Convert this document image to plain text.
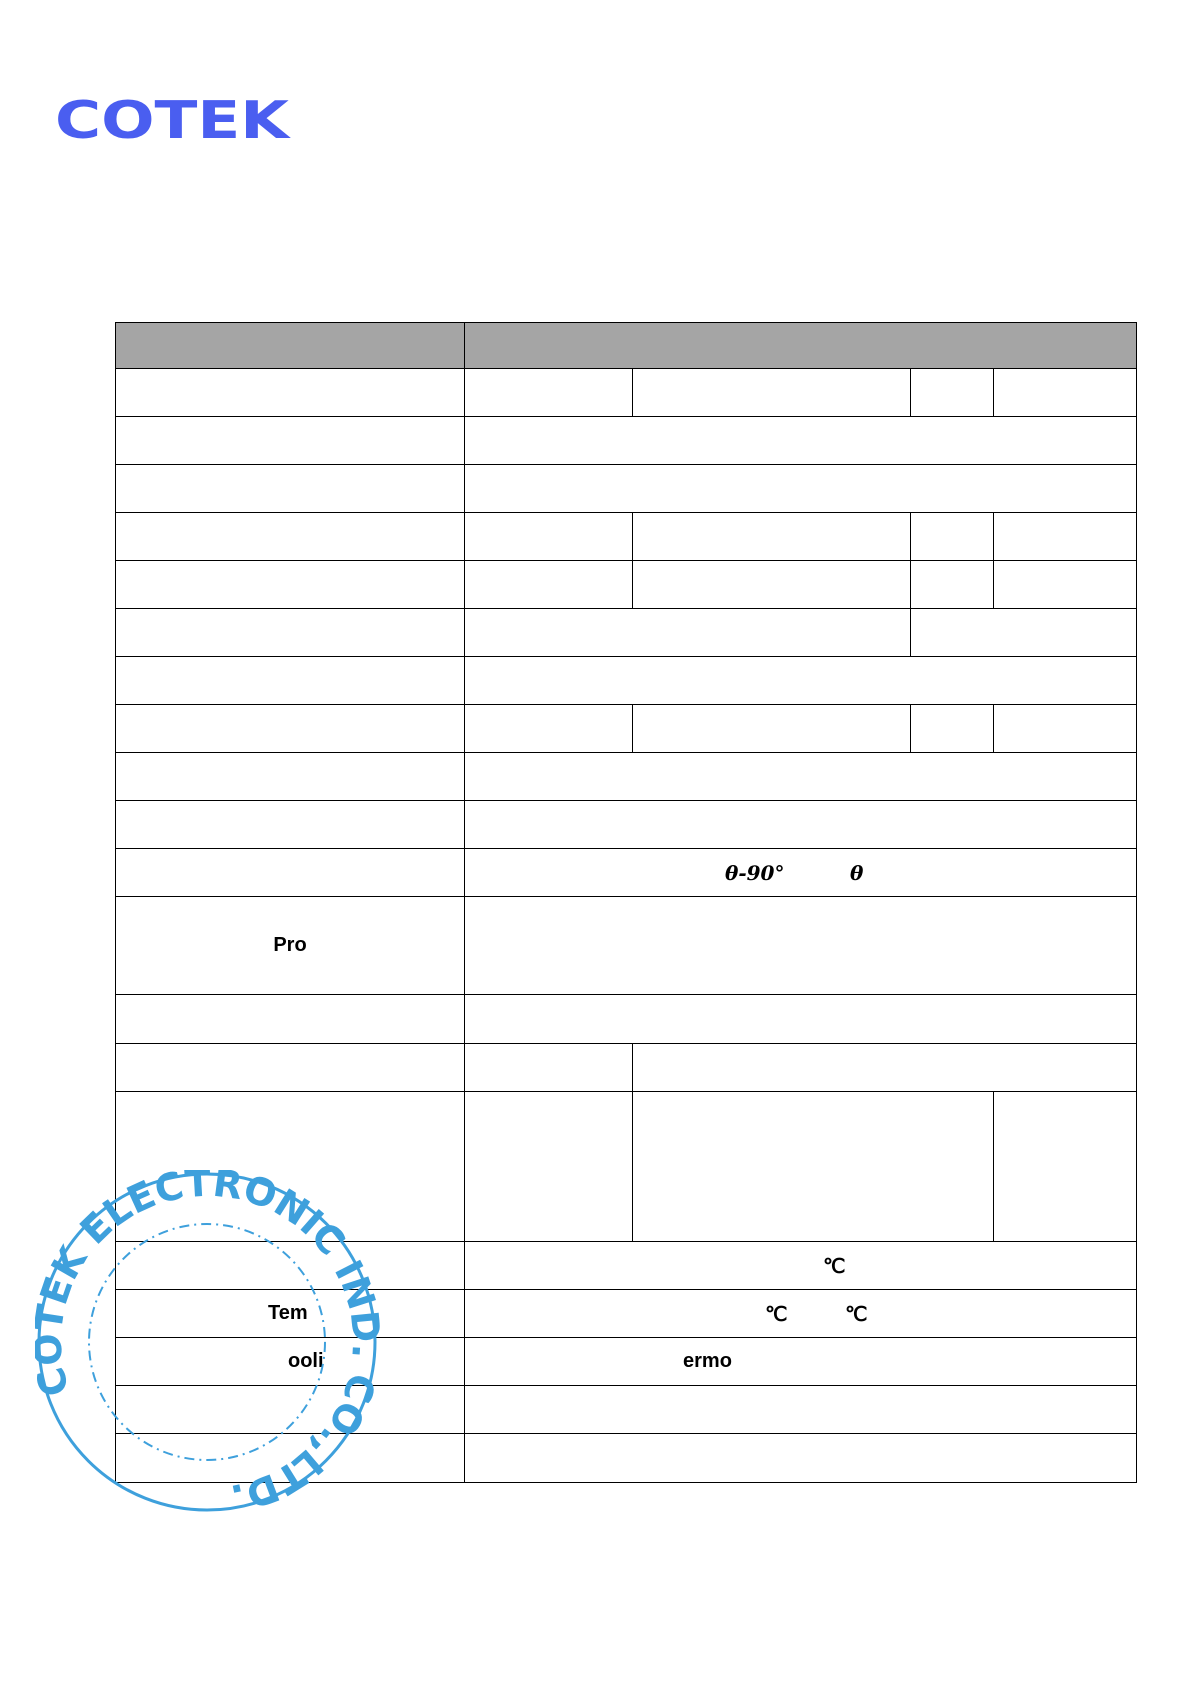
COTEK

	θ-90° θ			

Pro				

	℃			

Tem	℃ ℃			

ooli	ermo			

COTEK ELECTRONIC IND. CO.,LTD.
